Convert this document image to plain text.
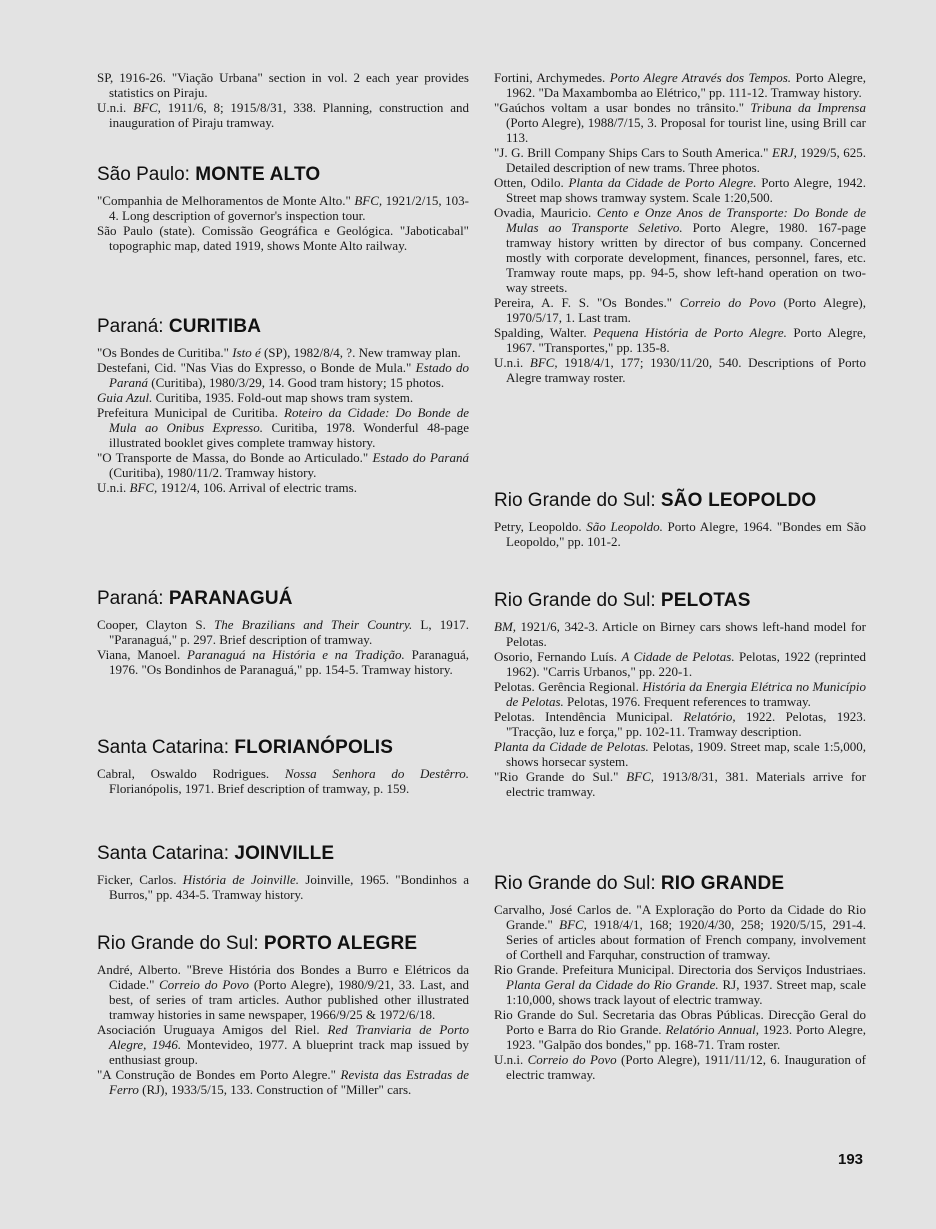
SP, 1916-26. "Viação Urbana" section in vol. 2 each year provides statistics on Piraju.

U.n.i. BFC, 1911/6, 8; 1915/8/31, 338. Planning, construction and inauguration of Piraju tramway.

São Paulo: MONTE ALTO

"Companhia de Melhoramentos de Monte Alto." BFC, 1921/2/15, 103-4. Long description of governor's inspection tour.

São Paulo (state). Comissão Geográfica e Geológica. "Jaboticabal" topographic map, dated 1919, shows Monte Alto railway.

Paraná: CURITIBA

"Os Bondes de Curitiba." Isto é (SP), 1982/8/4, ?. New tramway plan.

Destefani, Cid. "Nas Vias do Expresso, o Bonde de Mula." Estado do Paraná (Curitiba), 1980/3/29, 14. Good tram history; 15 photos.

Guia Azul. Curitiba, 1935. Fold-out map shows tram system.

Prefeitura Municipal de Curitiba. Roteiro da Cidade: Do Bonde de Mula ao Onibus Expresso. Curitiba, 1978. Wonderful 48-page illustrated booklet gives complete tramway history.

"O Transporte de Massa, do Bonde ao Articulado." Estado do Paraná (Curitiba), 1980/11/2. Tramway history.

U.n.i. BFC, 1912/4, 106. Arrival of electric trams.

Paraná: PARANAGUÁ

Cooper, Clayton S. The Brazilians and Their Country. L, 1917. "Paranaguá," p. 297. Brief description of tramway.

Viana, Manoel. Paranaguá na História e na Tradição. Paranaguá, 1976. "Os Bondinhos de Paranaguá," pp. 154-5. Tramway history.

Santa Catarina: FLORIANÓPOLIS

Cabral, Oswaldo Rodrigues. Nossa Senhora do Destêrro. Florianópolis, 1971. Brief description of tramway, p. 159.

Santa Catarina: JOINVILLE

Ficker, Carlos. História de Joinville. Joinville, 1965. "Bondinhos a Burros," pp. 434-5. Tramway history.

Rio Grande do Sul: PORTO ALEGRE

André, Alberto. "Breve História dos Bondes a Burro e Elétricos da Cidade." Correio do Povo (Porto Alegre), 1980/9/21, 33. Last, and best, of series of tram articles. Author published other illustrated tramway histories in same newspaper, 1966/9/25 & 1972/6/18.

Asociación Uruguaya Amigos del Riel. Red Tranviaria de Porto Alegre, 1946. Montevideo, 1977. A blueprint track map issued by enthusiast group.

"A Construção de Bondes em Porto Alegre." Revista das Estradas de Ferro (RJ), 1933/5/15, 133. Construction of "Miller" cars.

Fortini, Archymedes. Porto Alegre Através dos Tempos. Porto Alegre, 1962. "Da Maxambomba ao Elétrico," pp. 111-12. Tramway history.

"Gaúchos voltam a usar bondes no trânsito." Tribuna da Imprensa (Porto Alegre), 1988/7/15, 3. Proposal for tourist line, using Brill car 113.

"J. G. Brill Company Ships Cars to South America." ERJ, 1929/5, 625. Detailed description of new trams. Three photos.

Otten, Odilo. Planta da Cidade de Porto Alegre. Porto Alegre, 1942. Street map shows tramway system. Scale 1:20,500.

Ovadia, Mauricio. Cento e Onze Anos de Transporte: Do Bonde de Mulas ao Transporte Seletivo. Porto Alegre, 1980. 167-page tramway history written by director of bus company. Concerned mostly with corporate development, finances, personnel, fares, etc. Tramway route maps, pp. 94-5, show left-hand operation on two-way streets.

Pereira, A. F. S. "Os Bondes." Correio do Povo (Porto Alegre), 1970/5/17, 1. Last tram.

Spalding, Walter. Pequena História de Porto Alegre. Porto Alegre, 1967. "Transportes," pp. 135-8.

U.n.i. BFC, 1918/4/1, 177; 1930/11/20, 540. Descriptions of Porto Alegre tramway roster.

Rio Grande do Sul: SÃO LEOPOLDO

Petry, Leopoldo. São Leopoldo. Porto Alegre, 1964. "Bondes em São Leopoldo," pp. 101-2.

Rio Grande do Sul: PELOTAS

BM, 1921/6, 342-3. Article on Birney cars shows left-hand model for Pelotas.

Osorio, Fernando Luís. A Cidade de Pelotas. Pelotas, 1922 (reprinted 1962). "Carris Urbanos," pp. 220-1.

Pelotas. Gerência Regional. História da Energia Elétrica no Município de Pelotas. Pelotas, 1976. Frequent references to tramway.

Pelotas. Intendência Municipal. Relatório, 1922. Pelotas, 1923. "Tracção, luz e força," pp. 102-11. Tramway description.

Planta da Cidade de Pelotas. Pelotas, 1909. Street map, scale 1:5,000, shows horsecar system.

"Rio Grande do Sul." BFC, 1913/8/31, 381. Materials arrive for electric tramway.

Rio Grande do Sul: RIO GRANDE

Carvalho, José Carlos de. "A Exploração do Porto da Cidade do Rio Grande." BFC, 1918/4/1, 168; 1920/4/30, 258; 1920/5/15, 291-4. Series of articles about formation of French company, involvement of Corthell and Farquhar, construction of tramway.

Rio Grande. Prefeitura Municipal. Directoria dos Serviços Industriaes. Planta Geral da Cidade do Rio Grande. RJ, 1937. Street map, scale 1:10,000, shows track layout of electric tramway.

Rio Grande do Sul. Secretaria das Obras Públicas. Direcção Geral do Porto e Barra do Rio Grande. Relatório Annual, 1923. Porto Alegre, 1923. "Galpão dos bondes," pp. 168-71. Tram roster.

U.n.i. Correio do Povo (Porto Alegre), 1911/11/12, 6. Inauguration of electric tramway.

193
